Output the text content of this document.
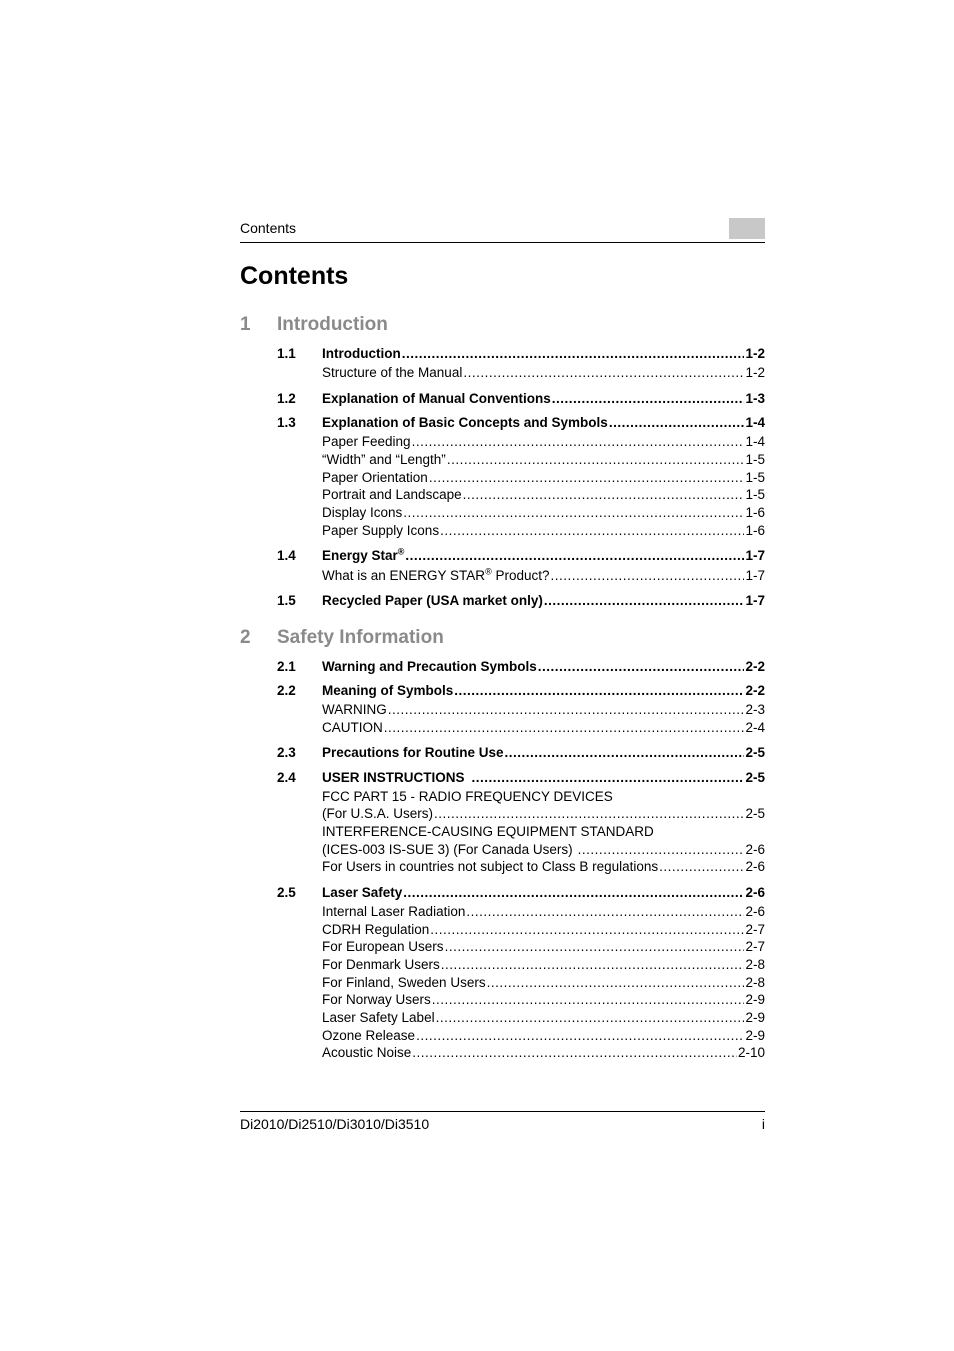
Contents
Contents
1 Introduction
1.1 Introduction .....	1-2
Structure of the Manual .....	1-2
1.2 Explanation of Manual Conventions .....	1-3
1.3 Explanation of Basic Concepts and Symbols .....	1-4
Paper Feeding .....	1-4
“Width” and “Length” .....	1-5
Paper Orientation .....	1-5
Portrait and Landscape .....	1-5
Display Icons .....	1-6
Paper Supply Icons .....	1-6
1.4 Energy Star® .....	1-7
What is an ENERGY STAR® Product? .....	1-7
1.5 Recycled Paper (USA market only) .....	1-7
2 Safety Information
2.1 Warning and Precaution Symbols .....	2-2
2.2 Meaning of Symbols .....	2-2
WARNING .....	2-3
CAUTION .....	2-4
2.3 Precautions for Routine Use .....	2-5
2.4 USER INSTRUCTIONS .....	2-5
FCC PART 15 - RADIO FREQUENCY DEVICES
(For U.S.A. Users) .....	2-5
INTERFERENCE-CAUSING EQUIPMENT STANDARD
(ICES-003 IS-SUE 3) (For Canada Users) .....	2-6
For Users in countries not subject to Class B regulations .....	2-6
2.5 Laser Safety .....	2-6
Internal Laser Radiation .....	2-6
CDRH Regulation .....	2-7
For European Users .....	2-7
For Denmark Users .....	2-8
For Finland, Sweden Users .....	2-8
For Norway Users .....	2-9
Laser Safety Label .....	2-9
Ozone Release .....	2-9
Acoustic Noise .....	2-10
Di2010/Di2510/Di3010/Di3510	i
